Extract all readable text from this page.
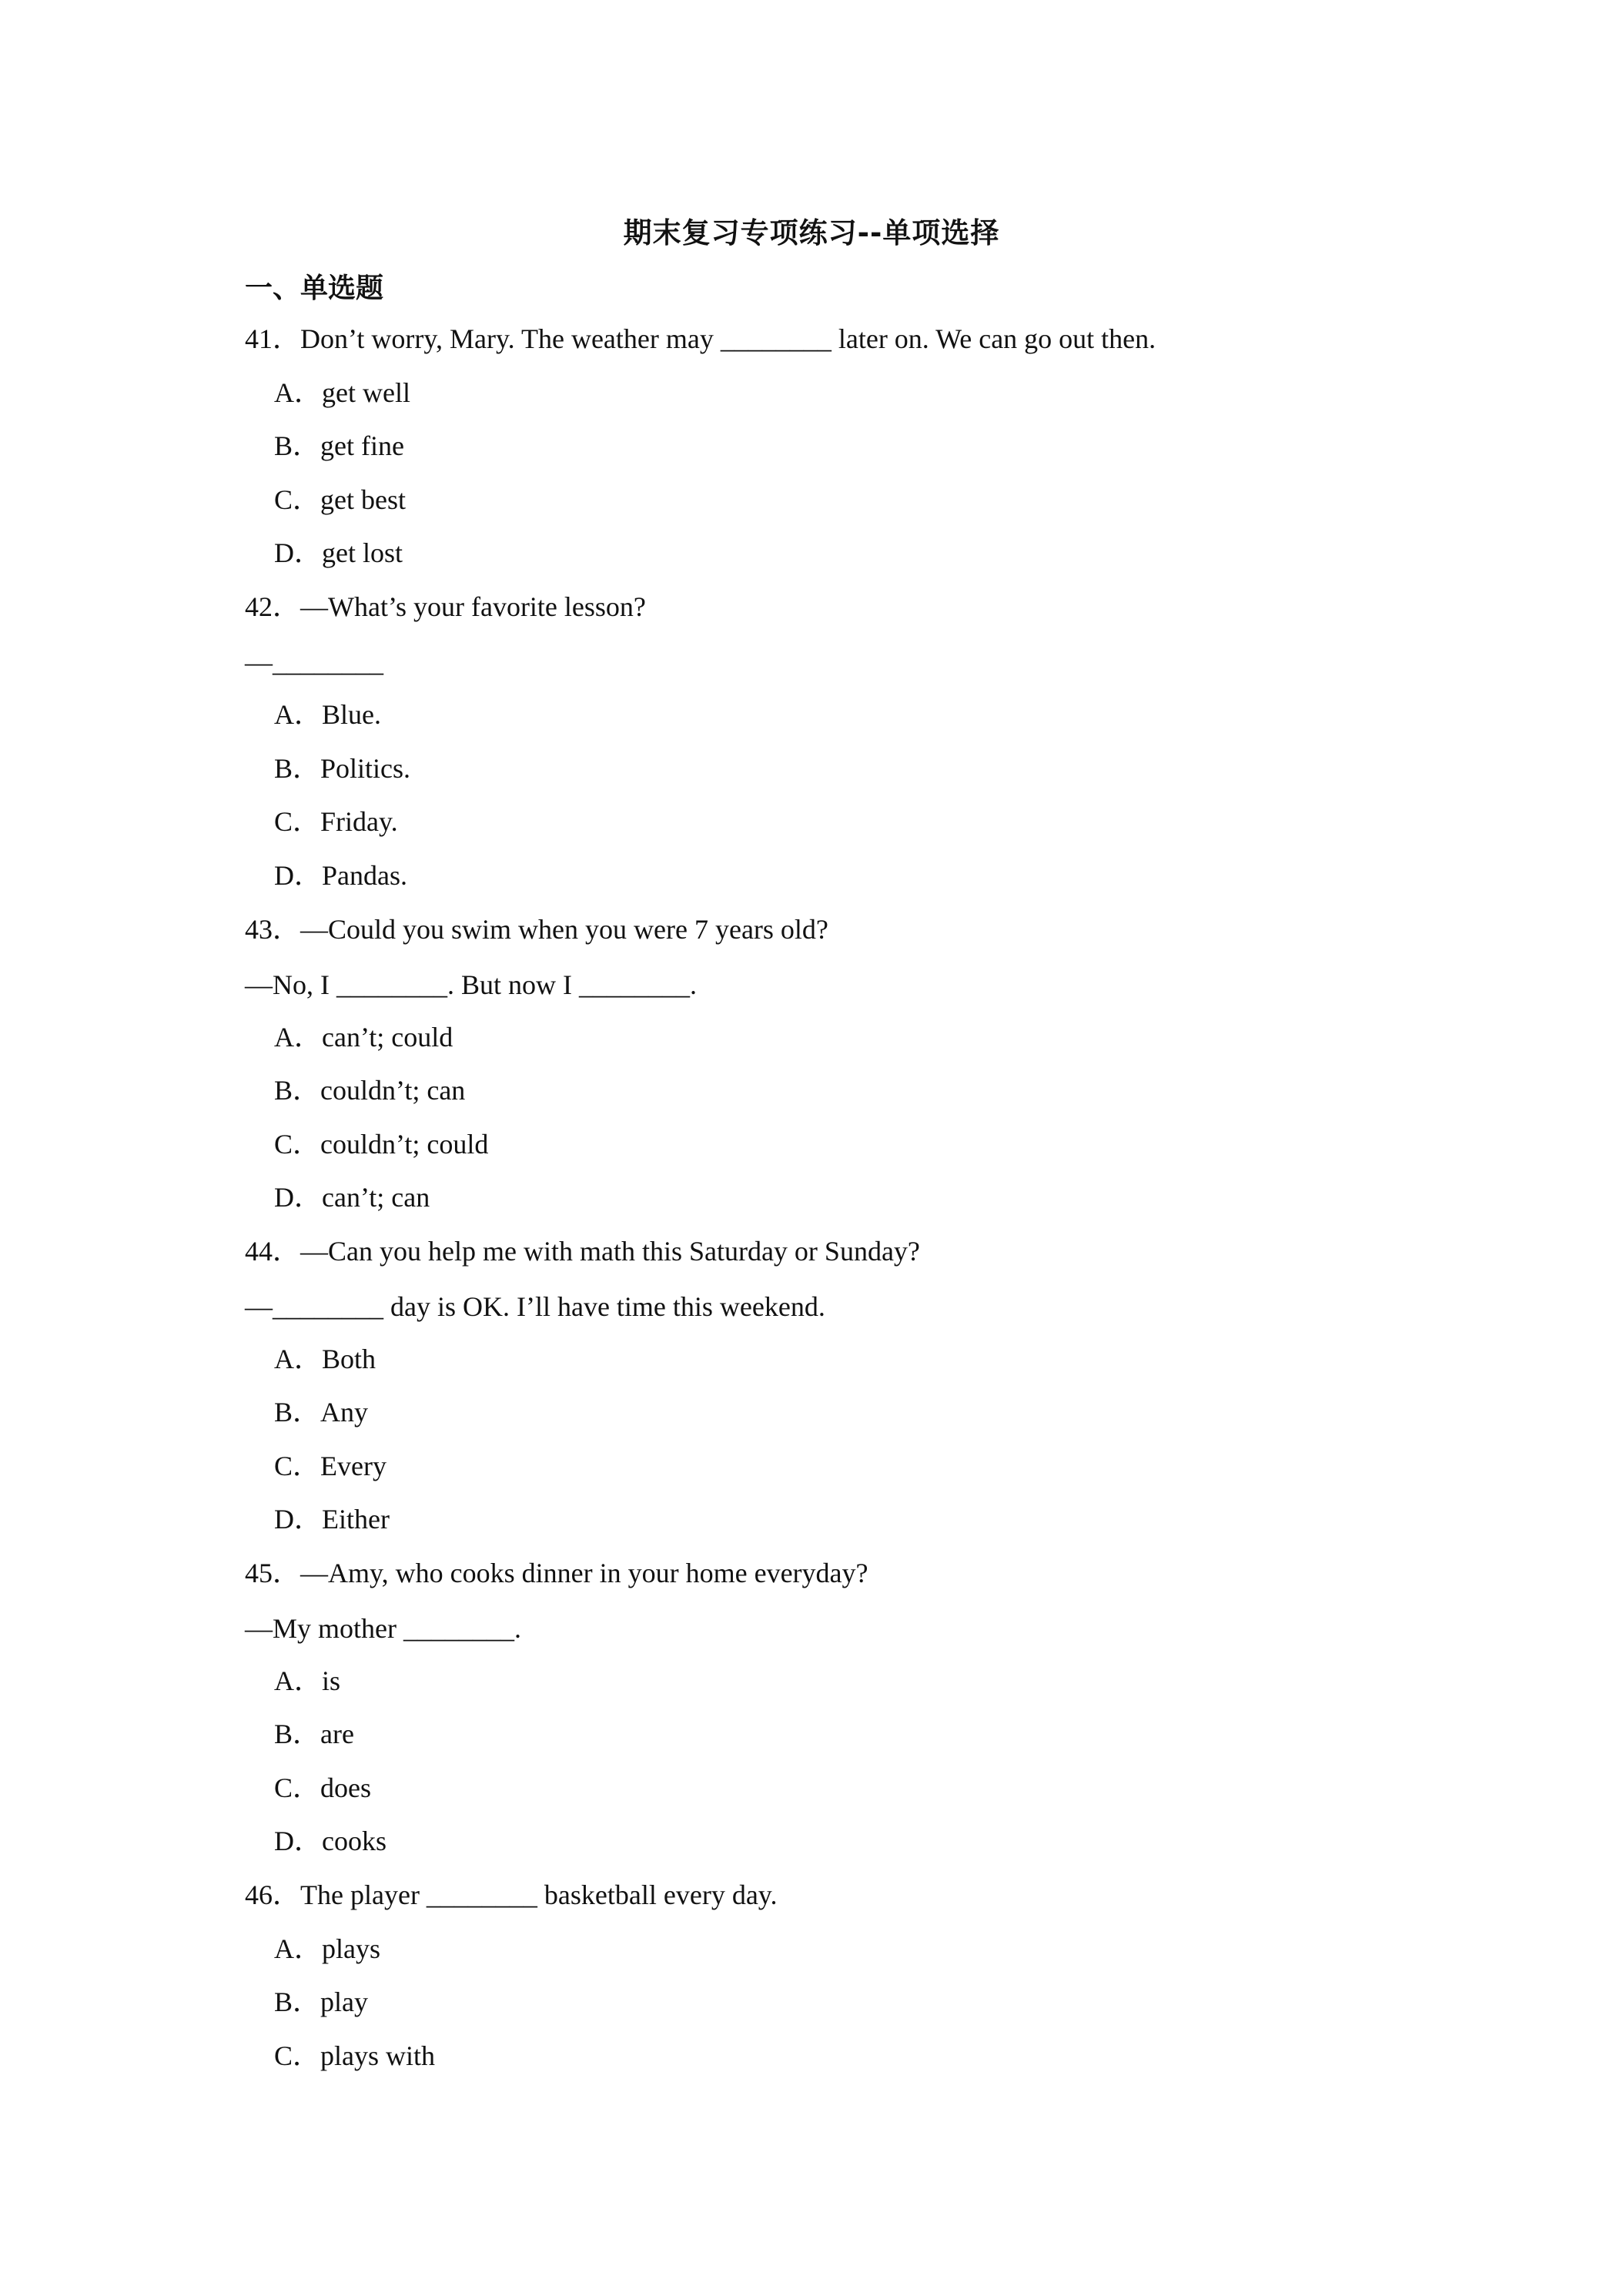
期末复习专项练习--单项选择
一、单选题
41．Don’t worry, Mary. The weather may ________ later on. We can go out then.
A．get well
B．get fine
C．get best
D．get lost
42．—What’s your favorite lesson?
—________
A．Blue.
B．Politics.
C．Friday.
D．Pandas.
43．—Could you swim when you were 7 years old?
—No, I ________. But now I ________.
A．can’t; could
B．couldn’t; can
C．couldn’t; could
D．can’t; can
44．—Can you help me with math this Saturday or Sunday?
—________ day is OK. I’ll have time this weekend.
A．Both
B．Any
C．Every
D．Either
45．—Amy, who cooks dinner in your home everyday?
—My mother ________.
A．is
B．are
C．does
D．cooks
46．The player ________ basketball every day.
A．plays
B．play
C．plays with
